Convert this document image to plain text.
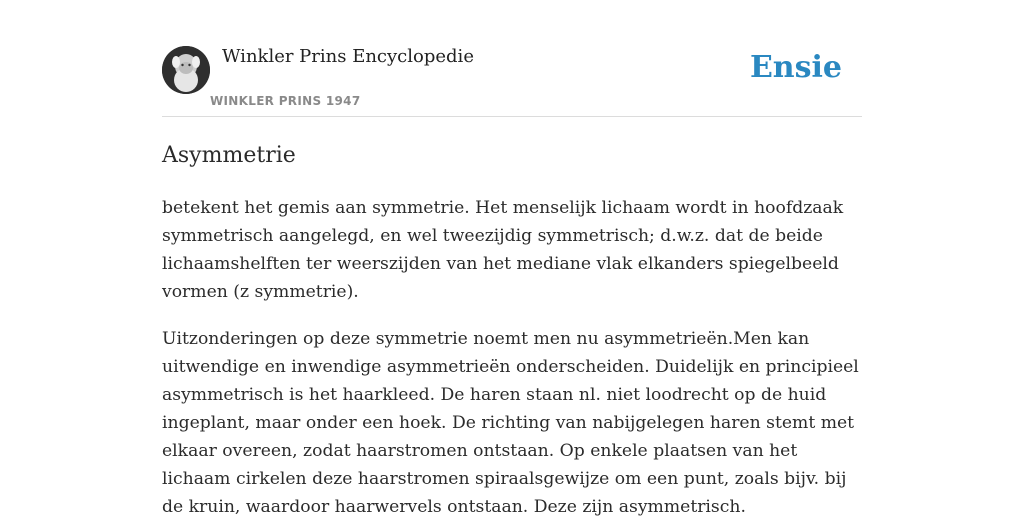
Winkler Prins Encyclopedie
WINKLER PRINS 1947
Ensie
Asymmetrie

betekent het gemis aan symmetrie. Het menselijk lichaam wordt in hoofdzaak symmetrisch aangelegd, en wel tweezijdig symmetrisch; d.w.z. dat de beide lichaamshelften ter weerszijden van het mediane vlak elkanders spiegelbeeld vormen (z symmetrie).

Uitzonderingen op deze symmetrie noemt men nu asymmetrieën.Men kan uitwendige en inwendige asymmetrieën onderscheiden. Duidelijk en principieel asymmetrisch is het haarkleed. De haren staan nl. niet loodrecht op de huid ingeplant, maar onder een hoek. De richting van nabijgelegen haren stemt met elkaar overeen, zodat haarstromen ontstaan. Op enkele plaatsen van het lichaam cirkelen deze haarstromen spiraalsgewijze om een punt, zoals bijv. bij de kruin, waardoor haarwervels ontstaan. Deze zijn asymmetrisch.
